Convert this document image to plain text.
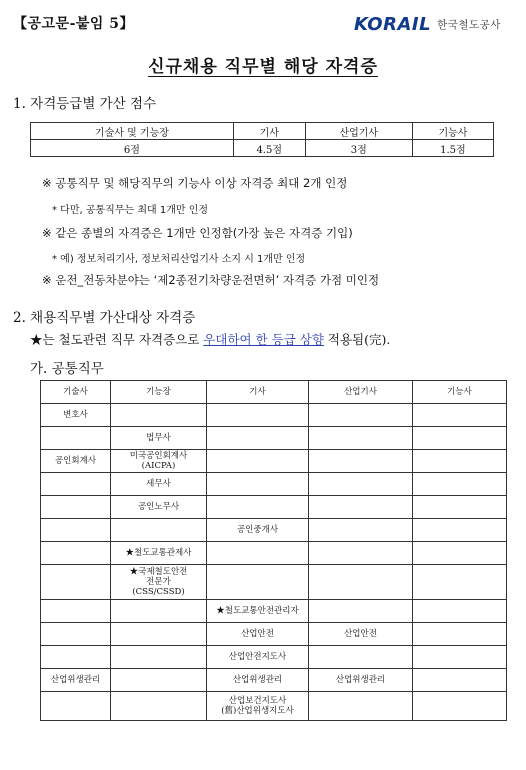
【공고문-붙임 5】	KORAIL 한국철도공사
신규채용 직무별 해당 자격증
1. 자격등급별 가산 점수
기술사 및 기능장	기사	산업기사	기능사
6점	4.5점	3점	1.5점
※ 공통직무 및 해당직무의 기능사 이상 자격증 최대 2개 인정
* 다만, 공통직무는 최대 1개만 인정
※ 같은 종별의 자격증은 1개만 인정함(가장 높은 자격증 기입)
* 예) 정보처리기사, 정보처리산업기사 소지 시 1개만 인정
※ 운전_전동차분야는 ‘제2종전기차량운전면허’ 자격증 가점 미인정
2. 채용직무별 가산대상 자격증
★는 철도관련 직무 자격증으로 우대하여 한 등급 상향 적용됨(完).
가. 공통직무
기술사	기능장	기사	산업기사	기능사
변호사				
	법무사			
공인회계사	미국공인회계사
(AICPA)			
	세무사			
	공인노무사			
		공인중개사		
	★철도교통관제사			
	★국제철도안전
전문가
(CSS/CSSD)			
		★철도교통안전관리자		
		산업안전	산업안전	
		산업안전지도사		
산업위생관리		산업위생관리	산업위생관리	
		산업보건지도사
(舊)산업위생지도사		
